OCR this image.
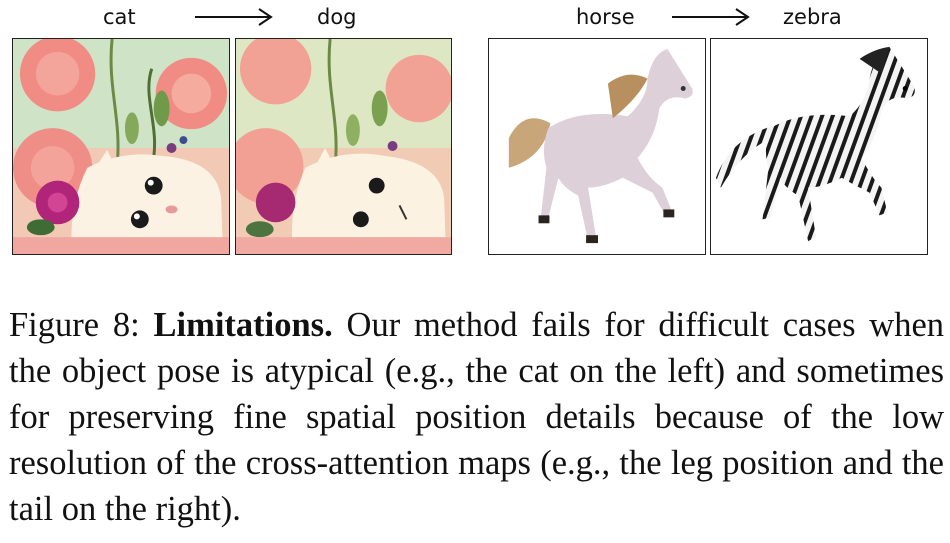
cat	dog	horse	zebra
Figure 8: Limitations. Our method fails for difficult cases when the object pose is atypical (e.g., the cat on the left) and sometimes for preserving fine spatial position details because of the low resolution of the cross-attention maps (e.g., the leg position and the tail on the right).
